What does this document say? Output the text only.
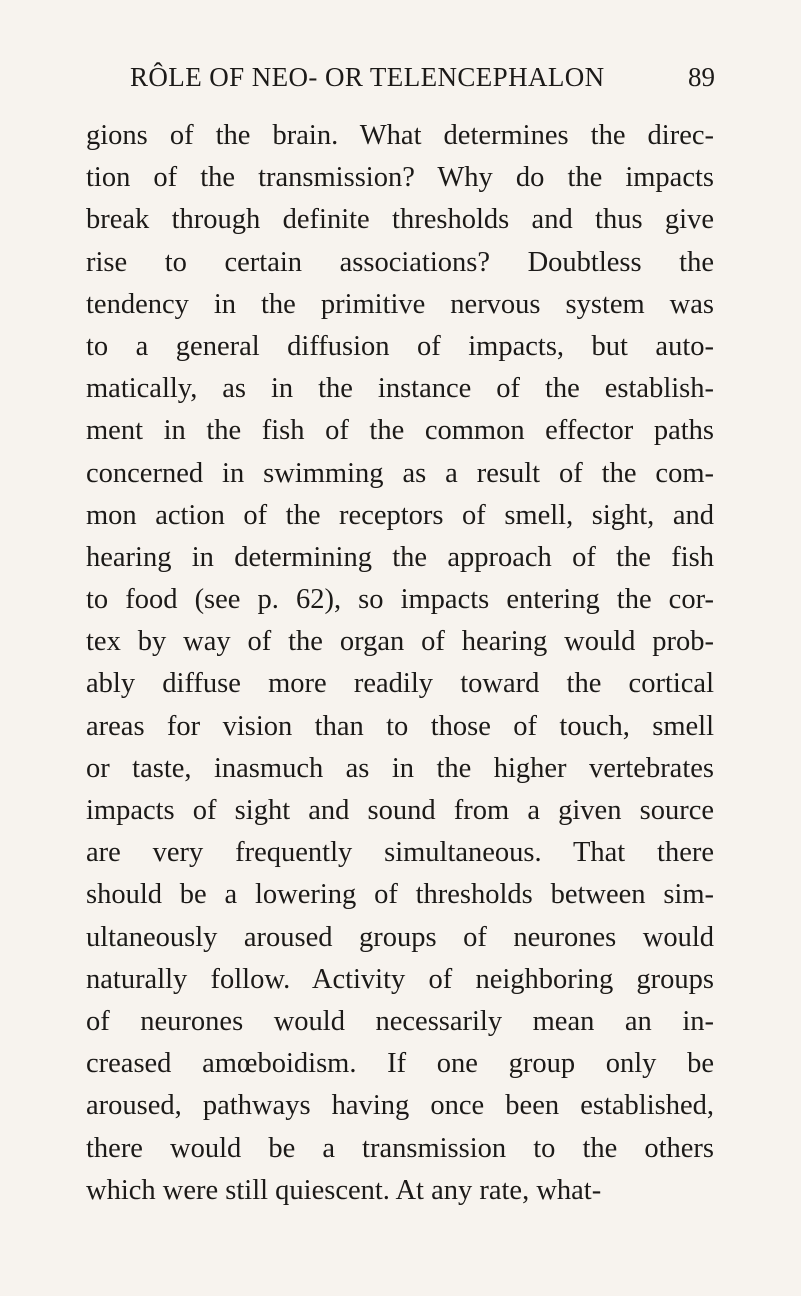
RÔLE OF NEO- OR TELENCEPHALON	89
gions of the brain. What determines the direc-
tion of the transmission? Why do the impacts
break through definite thresholds and thus give
rise to certain associations? Doubtless the
tendency in the primitive nervous system was
to a general diffusion of impacts, but auto-
matically, as in the instance of the establish-
ment in the fish of the common effector paths
concerned in swimming as a result of the com-
mon action of the receptors of smell, sight, and
hearing in determining the approach of the fish
to food (see p. 62), so impacts entering the cor-
tex by way of the organ of hearing would prob-
ably diffuse more readily toward the cortical
areas for vision than to those of touch, smell
or taste, inasmuch as in the higher vertebrates
impacts of sight and sound from a given source
are very frequently simultaneous. That there
should be a lowering of thresholds between sim-
ultaneously aroused groups of neurones would
naturally follow. Activity of neighboring groups
of neurones would necessarily mean an in-
creased amœboidism. If one group only be
aroused, pathways having once been established,
there would be a transmission to the others
which were still quiescent. At any rate, what-
